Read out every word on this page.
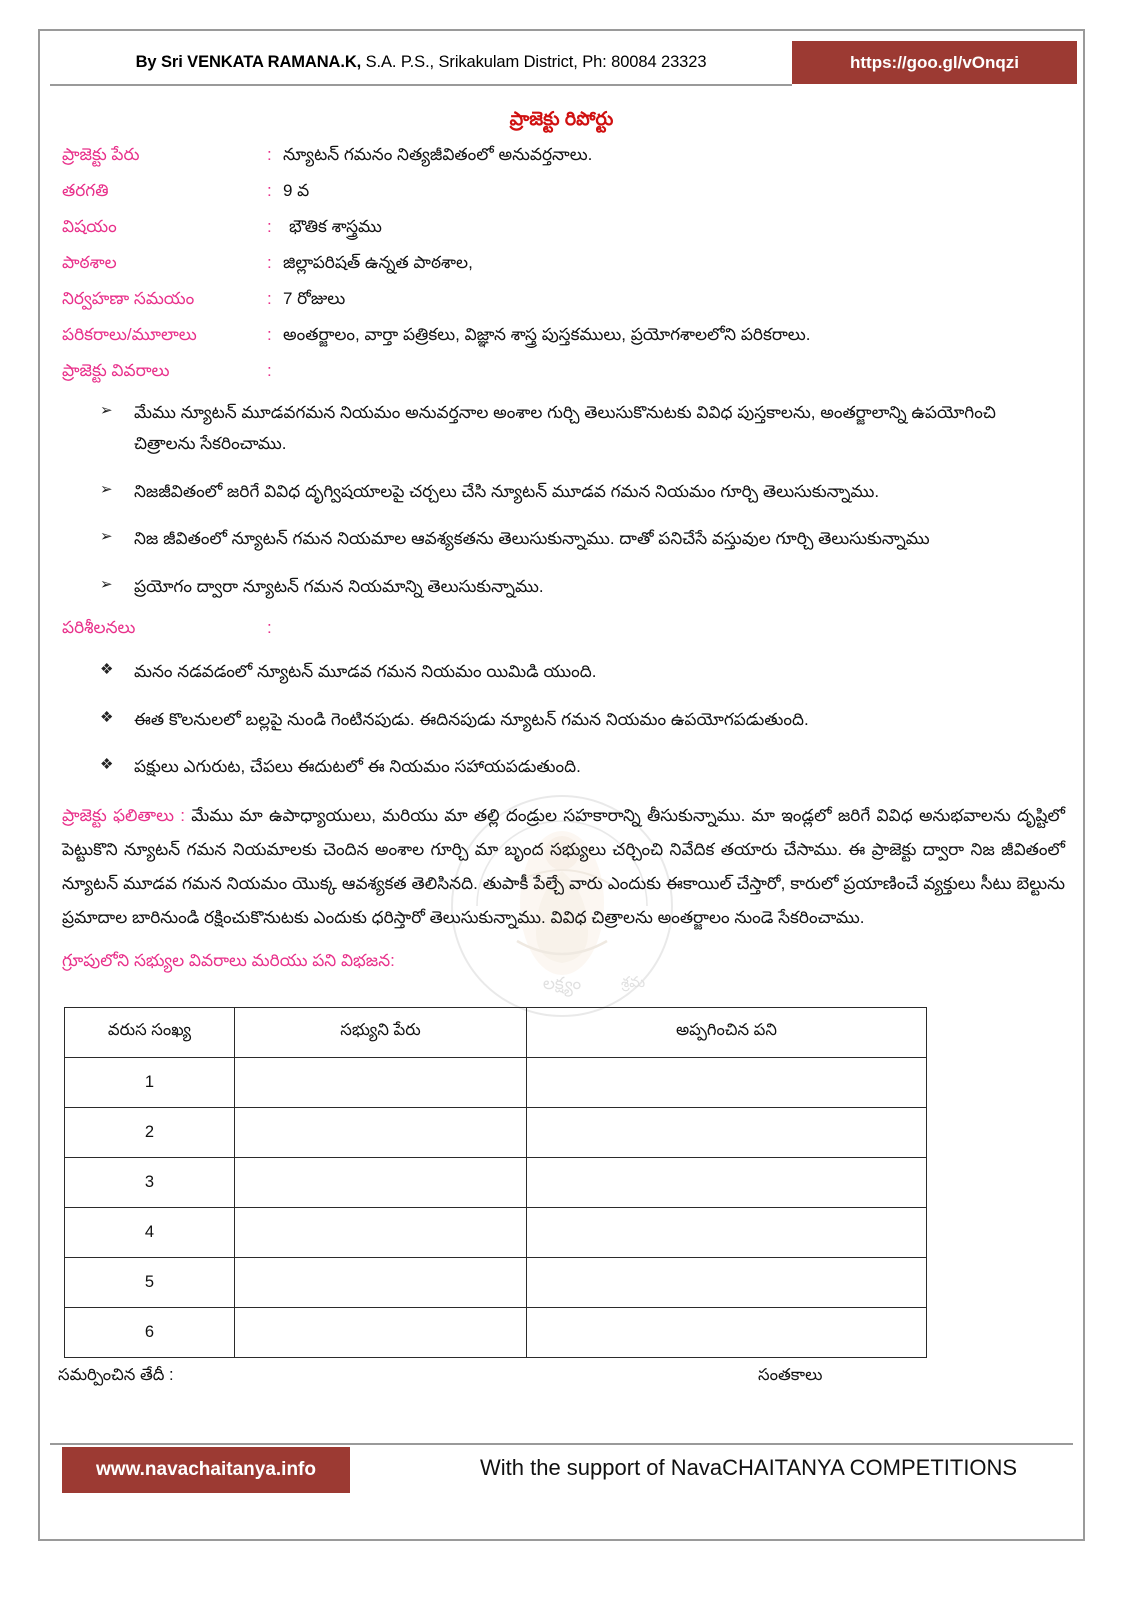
లక్ష్యం	శ్రమ
By Sri VENKATA RAMANA.K, S.A. P.S., Srikakulam District, Ph: 80084 23323	https://goo.gl/vOnqzi
ప్రాజెక్టు రిపోర్టు
ప్రాజెక్టు పేరు	: న్యూటన్ గమనం నిత్యజీవితంలో అనువర్తనాలు.
తరగతి	: 9 వ
విషయం	:	భౌతిక శాస్త్రము
పాఠశాల	: జిల్లాపరిషత్ ఉన్నత పాఠశాల,
నిర్వహణా సమయం	: 7 రోజులు
పరికరాలు/మూలాలు	: అంతర్జాలం, వార్తా పత్రికలు, విజ్ఞాన శాస్త్ర పుస్తకములు, ప్రయోగశాలలోని పరికరాలు.
ప్రాజెక్టు వివరాలు	:
➢	మేము న్యూటన్ మూడవగమన నియమం అనువర్తనాల అంశాల గుర్చి తెలుసుకొనుటకు వివిధ పుస్తకాలను, అంతర్జాలాన్ని ఉపయోగించి చిత్రాలను సేకరించాము.
➢	నిజజీవితంలో జరిగే వివిధ దృగ్విషయాలపై చర్చలు చేసి న్యూటన్ మూడవ గమన నియమం గూర్చి తెలుసుకున్నాము.
➢	నిజ జీవితంలో న్యూటన్ గమన నియమాల ఆవశ్యకతను తెలుసుకున్నాము. దాతో పనిచేసే వస్తువుల గూర్చి తెలుసుకున్నాము
➢	ప్రయోగం ద్వారా న్యూటన్ గమన నియమాన్ని తెలుసుకున్నాము.
పరిశీలనలు	:
❖	మనం నడవడంలో న్యూటన్ మూడవ గమన నియమం యిమిడి యుంది.
❖	ఈత కొలనులలో బల్లపై నుండి గెంటినపుడు. ఈదినపుడు న్యూటన్ గమన నియమం ఉపయోగపడుతుంది.
❖	పక్షులు ఎగురుట, చేపలు ఈదుటలో ఈ నియమం సహాయపడుతుంది.
ప్రాజెక్టు ఫలితాలు : మేము మా ఉపాధ్యాయులు, మరియు మా తల్లి దండ్రుల సహకారాన్ని తీసుకున్నాము. మా ఇండ్లలో జరిగే వివిధ అనుభవాలను దృష్టిలో పెట్టుకొని న్యూటన్ గమన నియమాలకు చెందిన అంశాల గూర్చి మా బృంద సభ్యులు చర్చించి నివేదిక తయారు చేసాము. ఈ ప్రాజెక్టు ద్వారా నిజ జీవితంలో న్యూటన్ మూడవ గమన నియమం యొక్క ఆవశ్యకత తెలిసినది. తుపాకీ పేల్చే వారు ఎందుకు ఈకాయిల్ చేస్తారో, కారులో ప్రయాణించే వ్యక్తులు సీటు బెల్టును ప్రమాదాల బారినుండి రక్షించుకొనుటకు ఎందుకు ధరిస్తారో తెలుసుకున్నాము. వివిధ చిత్రాలను అంతర్జాలం నుండె సేకరించాము.
గ్రూపులోని సభ్యుల వివరాలు మరియు పని విభజన:
వరుస సంఖ్య	సభ్యుని పేరు	అప్పగించిన పని
1		
2		
3		
4		
5		
6		
సమర్పించిన తేదీ :	సంతకాలు
www.navachaitanya.info	With the support of NavaCHAITANYA COMPETITIONS
